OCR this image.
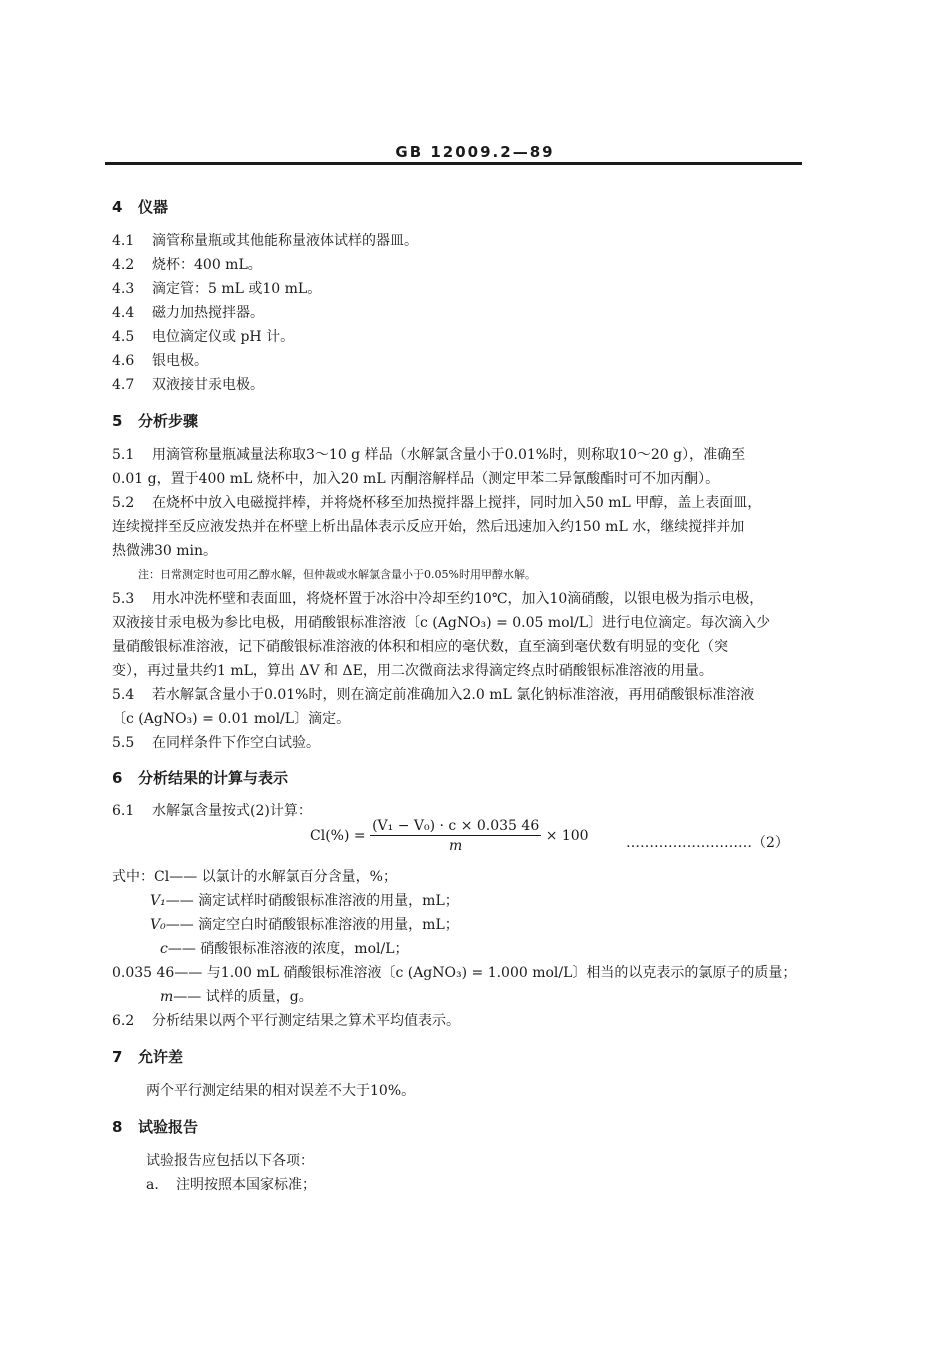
GB 12009.2—89
4 仪器
4.1 滴管称量瓶或其他能称量液体试样的器皿。
4.2 烧杯：400 mL。
4.3 滴定管：5 mL 或10 mL。
4.4 磁力加热搅拌器。
4.5 电位滴定仪或 pH 计。
4.6 银电极。
4.7 双液接甘汞电极。
5 分析步骤
5.1 用滴管称量瓶减量法称取3～10 g 样品（水解氯含量小于0.01%时，则称取10～20 g），准确至
0.01 g，置于400 mL 烧杯中，加入20 mL 丙酮溶解样品（测定甲苯二异氰酸酯时可不加丙酮）。
5.2 在烧杯中放入电磁搅拌棒，并将烧杯移至加热搅拌器上搅拌，同时加入50 mL 甲醇，盖上表面皿，
连续搅拌至反应液发热并在杯壁上析出晶体表示反应开始，然后迅速加入约150 mL 水，继续搅拌并加
热微沸30 min。
注：日常测定时也可用乙醇水解，但仲裁或水解氯含量小于0.05%时用甲醇水解。
5.3 用水冲洗杯壁和表面皿，将烧杯置于冰浴中冷却至约10℃，加入10滴硝酸，以银电极为指示电极，
双液接甘汞电极为参比电极，用硝酸银标准溶液〔c (AgNO₃) = 0.05 mol/L〕进行电位滴定。每次滴入少
量硝酸银标准溶液，记下硝酸银标准溶液的体积和相应的毫伏数，直至滴到毫伏数有明显的变化（突
变），再过量共约1 mL，算出 ΔV 和 ΔE，用二次微商法求得滴定终点时硝酸银标准溶液的用量。
5.4 若水解氯含量小于0.01%时，则在滴定前准确加入2.0 mL 氯化钠标准溶液，再用硝酸银标准溶液
〔c (AgNO₃) = 0.01 mol/L〕滴定。
5.5 在同样条件下作空白试验。
6 分析结果的计算与表示
6.1 水解氯含量按式(2)计算：
$Cl(\%) = \frac{\text{(V₁ − V₀) · c × 0.035 46}}{m} \times 100$	………………………（2）
式中： Cl—— 以氯计的水解氯百分含量，%；
V₁—— 滴定试样时硝酸银标准溶液的用量，mL；
V₀—— 滴定空白时硝酸银标准溶液的用量，mL；
c—— 硝酸银标准溶液的浓度，mol/L；
0.035 46—— 与1.00 mL 硝酸银标准溶液〔c (AgNO₃) = 1.000 mol/L〕相当的以克表示的氯原子的质量；
m—— 试样的质量，g。
6.2 分析结果以两个平行测定结果之算术平均值表示。
7 允许差
两个平行测定结果的相对误差不大于10%。
8 试验报告
试验报告应包括以下各项：
a. 注明按照本国家标准；
